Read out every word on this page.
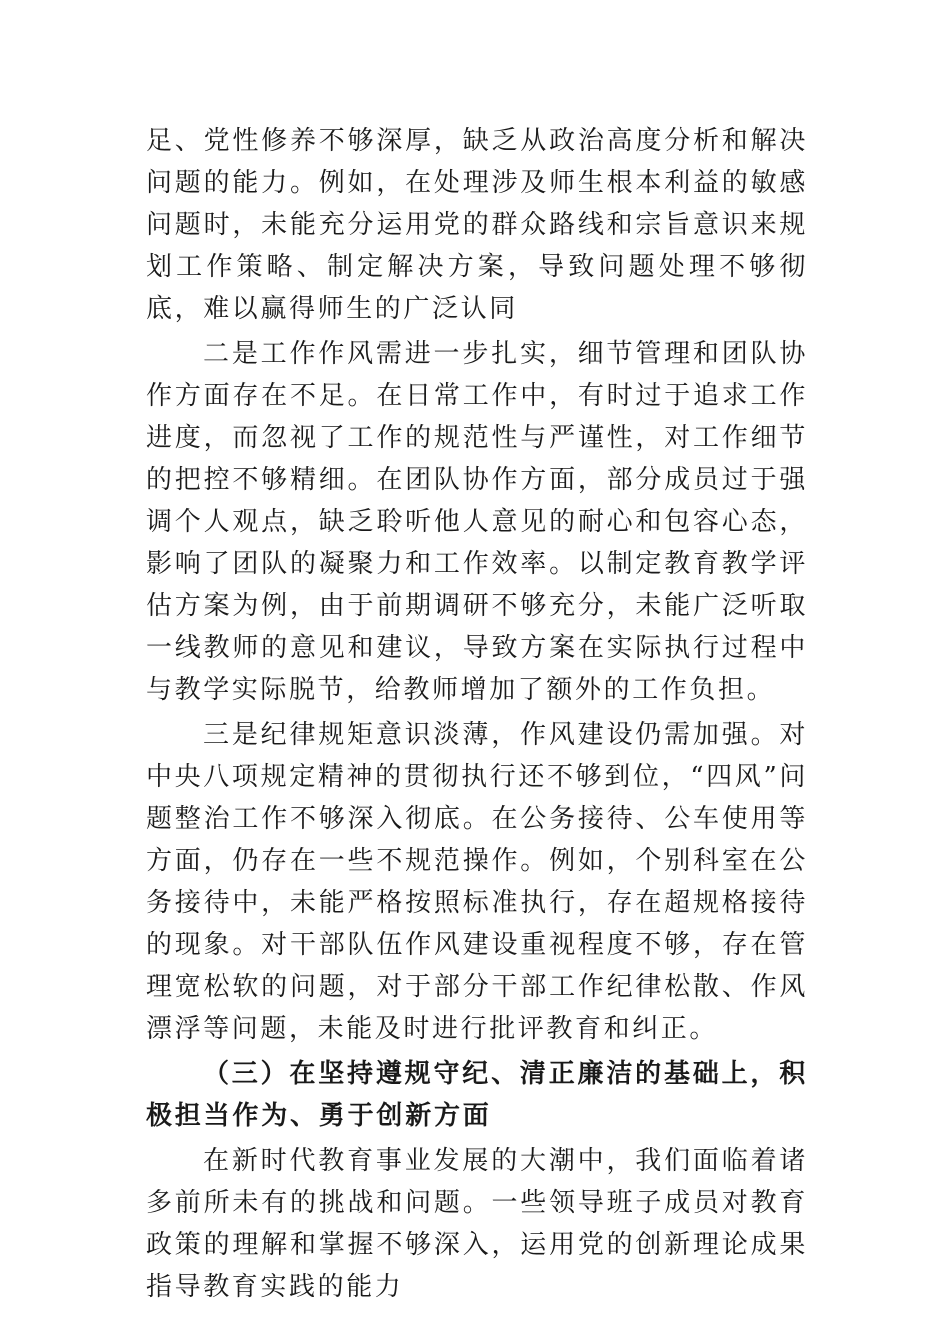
足、党性修养不够深厚，缺乏从政治高度分析和解决问题的能力。例如，在处理涉及师生根本利益的敏感问题时，未能充分运用党的群众路线和宗旨意识来规划工作策略、制定解决方案，导致问题处理不够彻底，难以赢得师生的广泛认同

二是工作作风需进一步扎实，细节管理和团队协作方面存在不足。在日常工作中，有时过于追求工作进度，而忽视了工作的规范性与严谨性，对工作细节的把控不够精细。在团队协作方面，部分成员过于强调个人观点，缺乏聆听他人意见的耐心和包容心态，影响了团队的凝聚力和工作效率。以制定教育教学评估方案为例，由于前期调研不够充分，未能广泛听取一线教师的意见和建议，导致方案在实际执行过程中与教学实际脱节，给教师增加了额外的工作负担。

三是纪律规矩意识淡薄，作风建设仍需加强。对中央八项规定精神的贯彻执行还不够到位，“四风”问题整治工作不够深入彻底。在公务接待、公车使用等方面，仍存在一些不规范操作。例如，个别科室在公务接待中，未能严格按照标准执行，存在超规格接待的现象。对干部队伍作风建设重视程度不够，存在管理宽松软的问题，对于部分干部工作纪律松散、作风漂浮等问题，未能及时进行批评教育和纠正。

（三）在坚持遵规守纪、清正廉洁的基础上，积极担当作为、勇于创新方面

在新时代教育事业发展的大潮中，我们面临着诸多前所未有的挑战和问题。一些领导班子成员对教育政策的理解和掌握不够深入，运用党的创新理论成果指导教育实践的能力
